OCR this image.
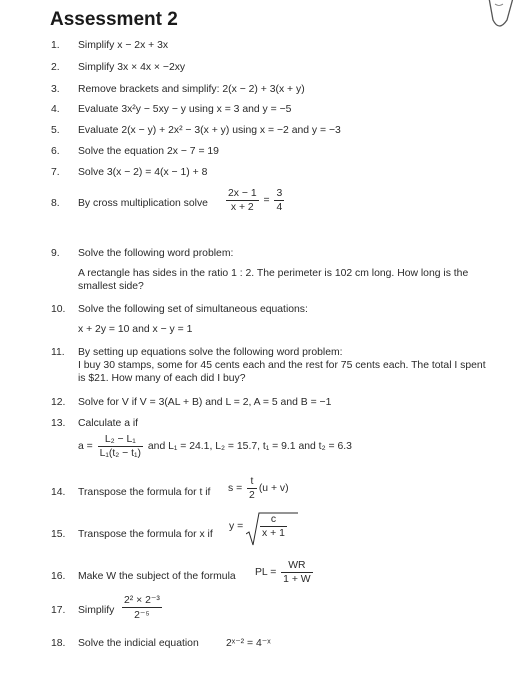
Assessment 2
1. Simplify x − 2x + 3x
2. Simplify 3x × 4x × −2xy
3. Remove brackets and simplify: 2(x − 2) + 3(x + y)
4. Evaluate 3x²y − 5xy − y using x = 3 and y = −5
5. Evaluate 2(x − y) + 2x² − 3(x + y) using x = −2 and y = −3
6. Solve the equation 2x − 7 = 19
7. Solve 3(x − 2) = 4(x − 1) + 8
8. By cross multiplication solve $\frac{2x - 1}{x + 2} = \frac{3}{4}$
9. Solve the following word problem:
A rectangle has sides in the ratio 1 : 2. The perimeter is 102 cm long. How long is the smallest side?
10. Solve the following set of simultaneous equations:
x + 2y = 10 and x − y = 1
11. By setting up equations solve the following word problem:
I buy 30 stamps, some for 45 cents each and the rest for 75 cents each. The total I spent is $21. How many of each did I buy?
12. Solve for V if V = 3(AL + B) and L = 2, A = 5 and B = −1
13. Calculate a if
$a = \frac{\text{L₂ − L₁}}{\text{L₁(t₂ − t₁)}}$ and L₁ = 24.1, L₂ = 15.7, t₁ = 9.1 and t₂ = 6.3
14. Transpose the formula for t if $s = \frac{t}{2} (u + v)$
15. Transpose the formula for x if
$y = \frac{c}{x + 1}$
16. Make W the subject of the formula PL = $\frac{WR}{1 + W}$
17. Simplify $\frac{\text{2² × 2⁻³}}{\text{2⁻⁵}}$
18. Solve the indicial equation	2ˣ⁻² = 4⁻ˣ
